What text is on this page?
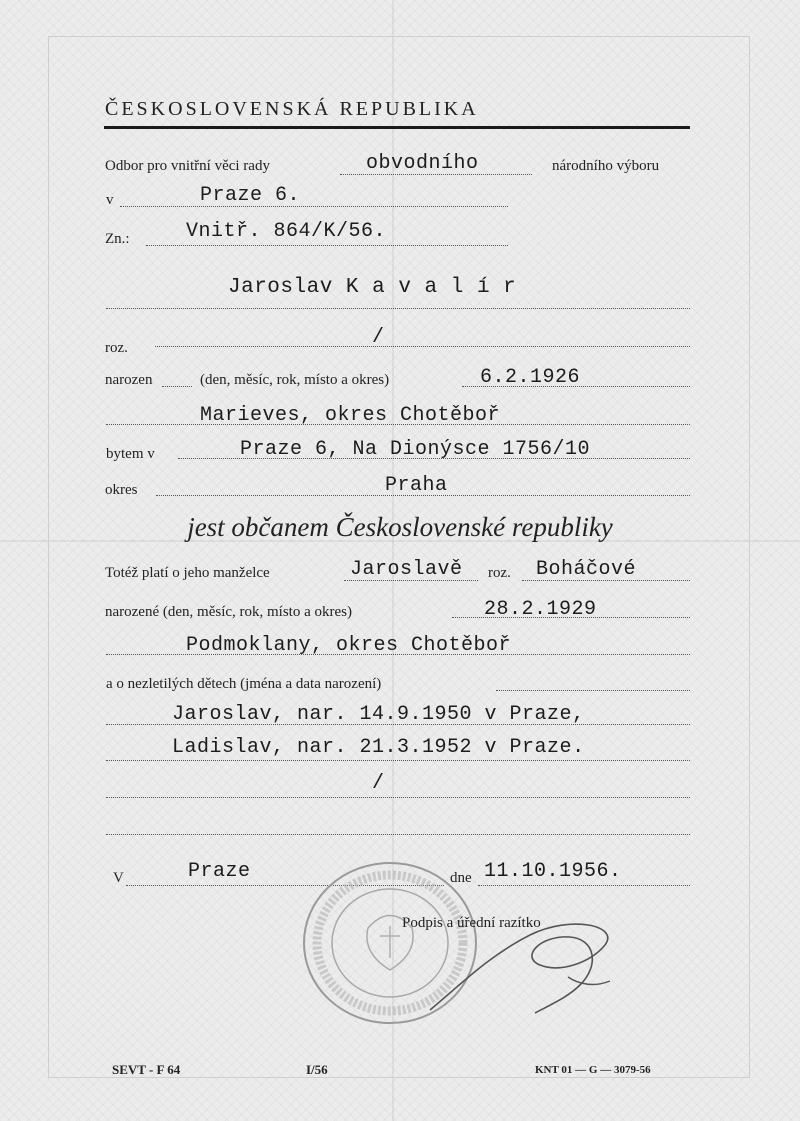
ČESKOSLOVENSKÁ REPUBLIKA
Odbor pro vnitřní věci rady	obvodního	národního výboru
v	Praze 6.
Zn.:	Vnitř. 864/K/56.
Jaroslav K a v a l í r
roz.	/
narozen	(den, měsíc, rok, místo a okres)	6.2.1926
Marieves, okres Chotěboř
bytem v	Praze 6, Na Dionýsce 1756/10
okres	Praha
jest občanem Československé republiky
Totéž platí o jeho manželce	Jaroslavě roz. Boháčové
narozené (den, měsíc, rok, místo a okres)	28.2.1929
Podmoklany, okres Chotěboř
a o nezletilých dětech (jména a data narození)
Jaroslav, nar. 14.9.1950 v Praze,
Ladislav, nar. 21.3.1952 v Praze.
/
V	Praze	dne 11.10.1956.
Podpis a úřední razítko
SEVT - F 64	I/56	KNT 01 — G — 3079-56
